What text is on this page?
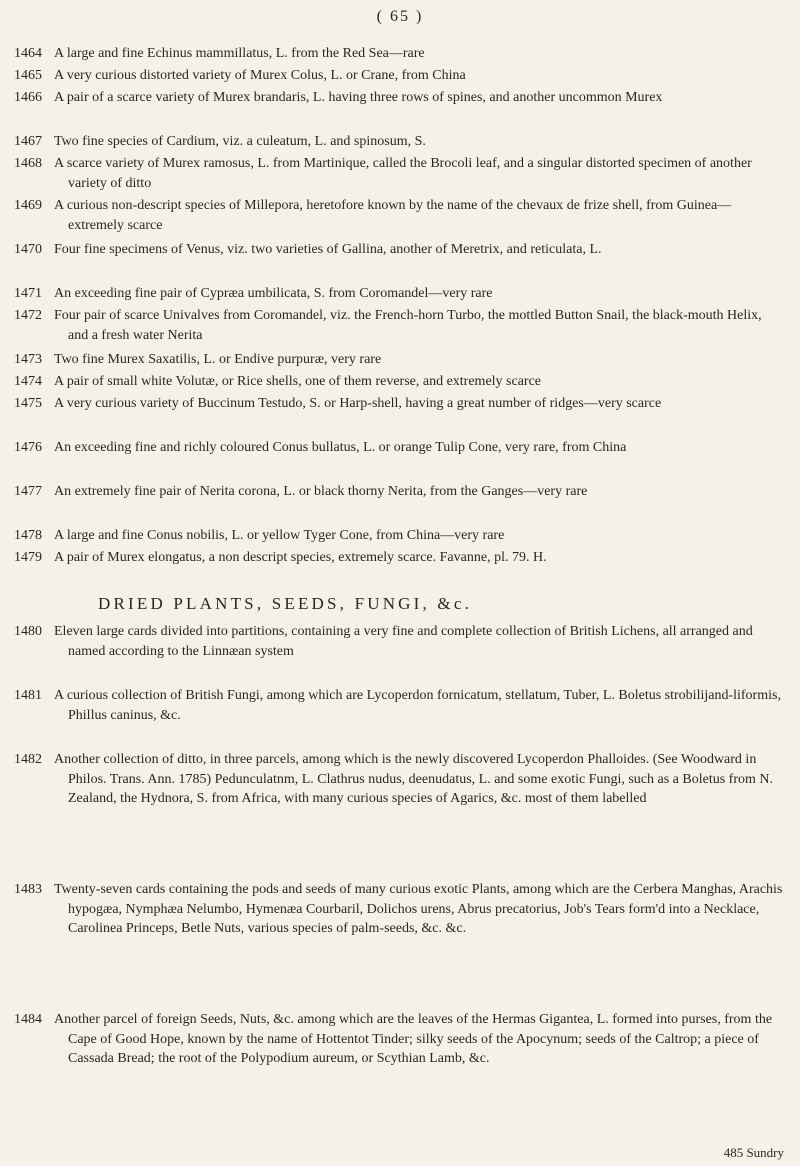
( 65 )
1464 A large and fine Echinus mammillatus, L. from the Red Sea—rare
1465 A very curious distorted variety of Murex Colus, L. or Crane, from China
1466 A pair of a scarce variety of Murex brandaris, L. having three rows of spines, and another uncommon Murex
1467 Two fine species of Cardium, viz. a culeatum, L. and spinosum, S.
1468 A scarce variety of Murex ramosus, L. from Martinique, called the Brocoli leaf, and a singular distorted specimen of another variety of ditto
1469 A curious non-descript species of Millepora, heretofore known by the name of the chevaux de frize shell, from Guinea—extremely scarce
1470 Four fine specimens of Venus, viz. two varieties of Gallina, another of Meretrix, and reticulata, L.
1471 An exceeding fine pair of Cypræa umbilicata, S. from Coromandel—very rare
1472 Four pair of scarce Univalves from Coromandel, viz. the French-horn Turbo, the mottled Button Snail, the black-mouth Helix, and a fresh water Nerita
1473 Two fine Murex Saxatilis, L. or Endive purpuræ, very rare
1474 A pair of small white Volutæ, or Rice shells, one of them reverse, and extremely scarce
1475 A very curious variety of Buccinum Testudo, S. or Harp-shell, having a great number of ridges—very scarce
1476 An exceeding fine and richly coloured Conus bullatus, L. or orange Tulip Cone, very rare, from China
1477 An extremely fine pair of Nerita corona, L. or black thorny Nerita, from the Ganges—very rare
1478 A large and fine Conus nobilis, L. or yellow Tyger Cone, from China—very rare
1479 A pair of Murex elongatus, a non descript species, extremely scarce. Favanne, pl. 79. H.
DRIED PLANTS, SEEDS, FUNGI, &c.
1480 Eleven large cards divided into partitions, containing a very fine and complete collection of British Lichens, all arranged and named according to the Linnæan system
1481 A curious collection of British Fungi, among which are Lycoperdon fornicatum, stellatum, Tuber, L. Boletus strobilijand-liformis, Phillus caninus, &c.
1482 Another collection of ditto, in three parcels, among which is the newly discovered Lycoperdon Phalloides. (See Woodward in Philos. Trans. Ann. 1785) Pedunculatnm, L. Clathrus nudus, deenudatus, L. and some exotic Fungi, such as a Boletus from N. Zealand, the Hydnora, S. from Africa, with many curious species of Agarics, &c. most of them labelled
1483 Twenty-seven cards containing the pods and seeds of many curious exotic Plants, among which are the Cerbera Manghas, Arachis hypogæa, Nymphæa Nelumbo, Hymenæa Courbaril, Dolichos urens, Abrus precatorius, Job's Tears form'd into a Necklace, Carolinea Princeps, Betle Nuts, various species of palm-seeds, &c. &c.
1484 Another parcel of foreign Seeds, Nuts, &c. among which are the leaves of the Hermas Gigantea, L. formed into purses, from the Cape of Good Hope, known by the name of Hottentot Tinder; silky seeds of the Apocynum; seeds of the Caltrop; a piece of Cassada Bread; the root of the Polypodium aureum, or Scythian Lamb, &c.
485 Sundry
